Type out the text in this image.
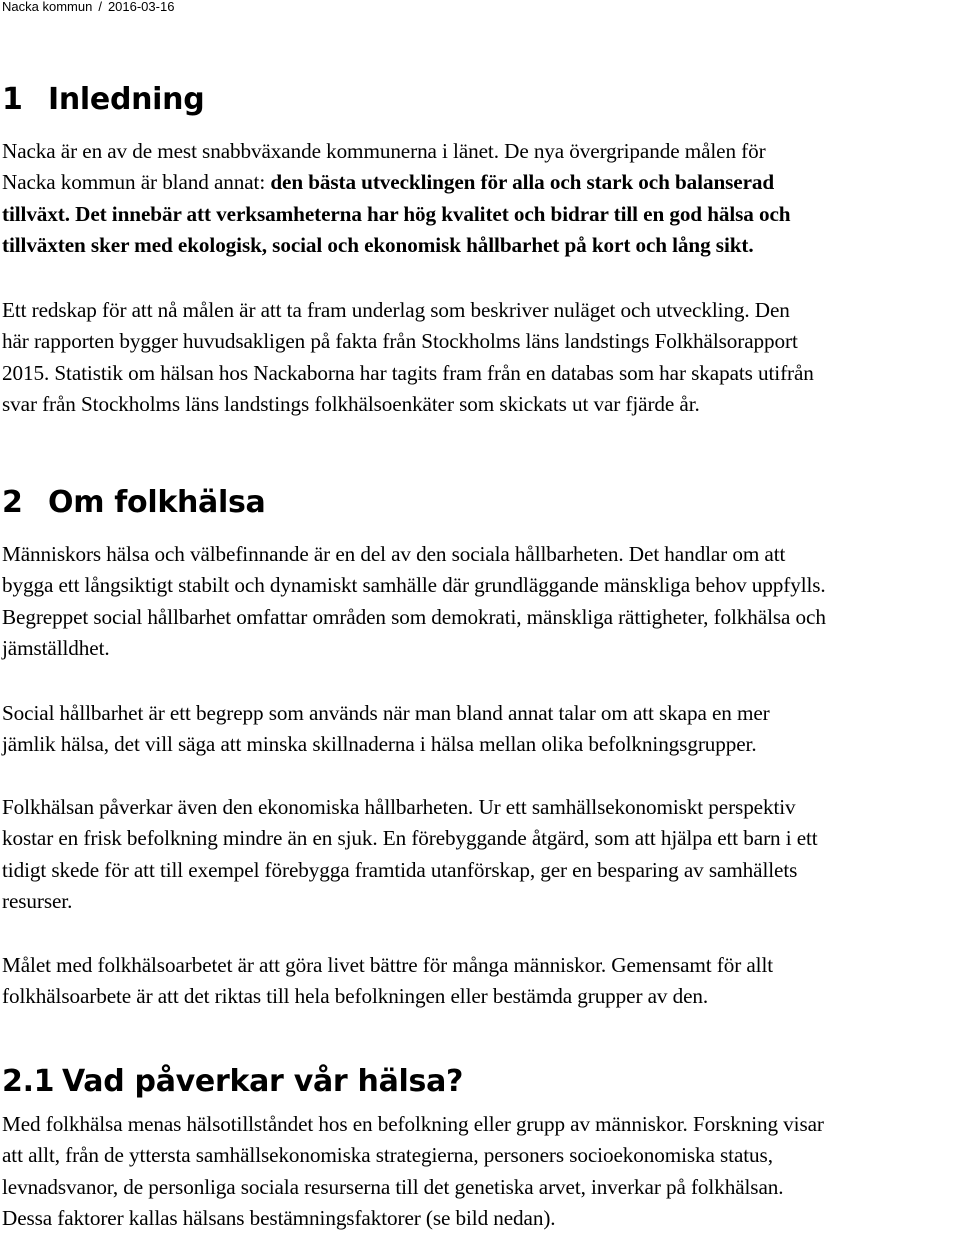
Nacka kommun / 2016-03-16
1 Inledning
Nacka är en av de mest snabbväxande kommunerna i länet. De nya övergripande målen för
Nacka kommun är bland annat: den bästa utvecklingen för alla och stark och balanserad
tillväxt. Det innebär att verksamheterna har hög kvalitet och bidrar till en god hälsa och
tillväxten sker med ekologisk, social och ekonomisk hållbarhet på kort och lång sikt.
Ett redskap för att nå målen är att ta fram underlag som beskriver nuläget och utveckling. Den
här rapporten bygger huvudsakligen på fakta från Stockholms läns landstings Folkhälsorapport
2015. Statistik om hälsan hos Nackaborna har tagits fram från en databas som har skapats utifrån
svar från Stockholms läns landstings folkhälsoenkäter som skickats ut var fjärde år.
2 Om folkhälsa
Människors hälsa och välbefinnande är en del av den sociala hållbarheten. Det handlar om att
bygga ett långsiktigt stabilt och dynamiskt samhälle där grundläggande mänskliga behov uppfylls.
Begreppet social hållbarhet omfattar områden som demokrati, mänskliga rättigheter, folkhälsa och
jämställdhet.
Social hållbarhet är ett begrepp som används när man bland annat talar om att skapa en mer
jämlik hälsa, det vill säga att minska skillnaderna i hälsa mellan olika befolkningsgrupper.
Folkhälsan påverkar även den ekonomiska hållbarheten. Ur ett samhällsekonomiskt perspektiv
kostar en frisk befolkning mindre än en sjuk. En förebyggande åtgärd, som att hjälpa ett barn i ett
tidigt skede för att till exempel förebygga framtida utanförskap, ger en besparing av samhällets
resurser.
Målet med folkhälsoarbetet är att göra livet bättre för många människor. Gemensamt för allt
folkhälsoarbete är att det riktas till hela befolkningen eller bestämda grupper av den.
2.1 Vad påverkar vår hälsa?
Med folkhälsa menas hälsotillståndet hos en befolkning eller grupp av människor. Forskning visar
att allt, från de yttersta samhällsekonomiska strategierna, personers socioekonomiska status,
levnadsvanor, de personliga sociala resurserna till det genetiska arvet, inverkar på folkhälsan.
Dessa faktorer kallas hälsans bestämningsfaktorer (se bild nedan).
